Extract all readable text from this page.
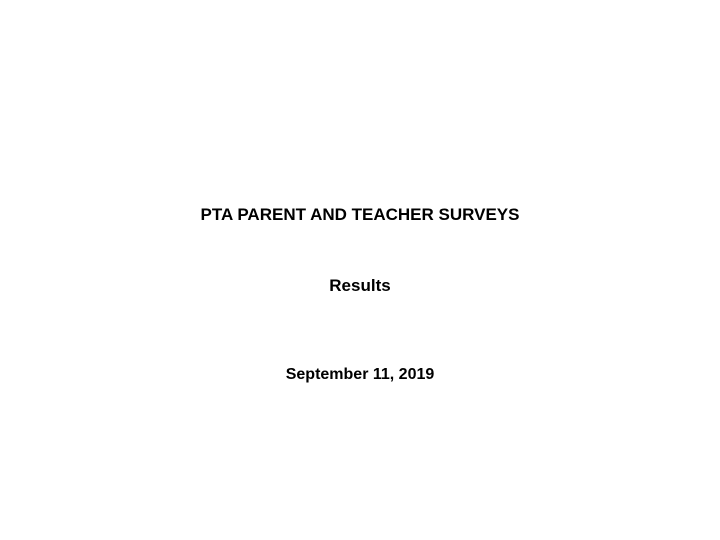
PTA PARENT AND TEACHER SURVEYS
Results
September 11, 2019
